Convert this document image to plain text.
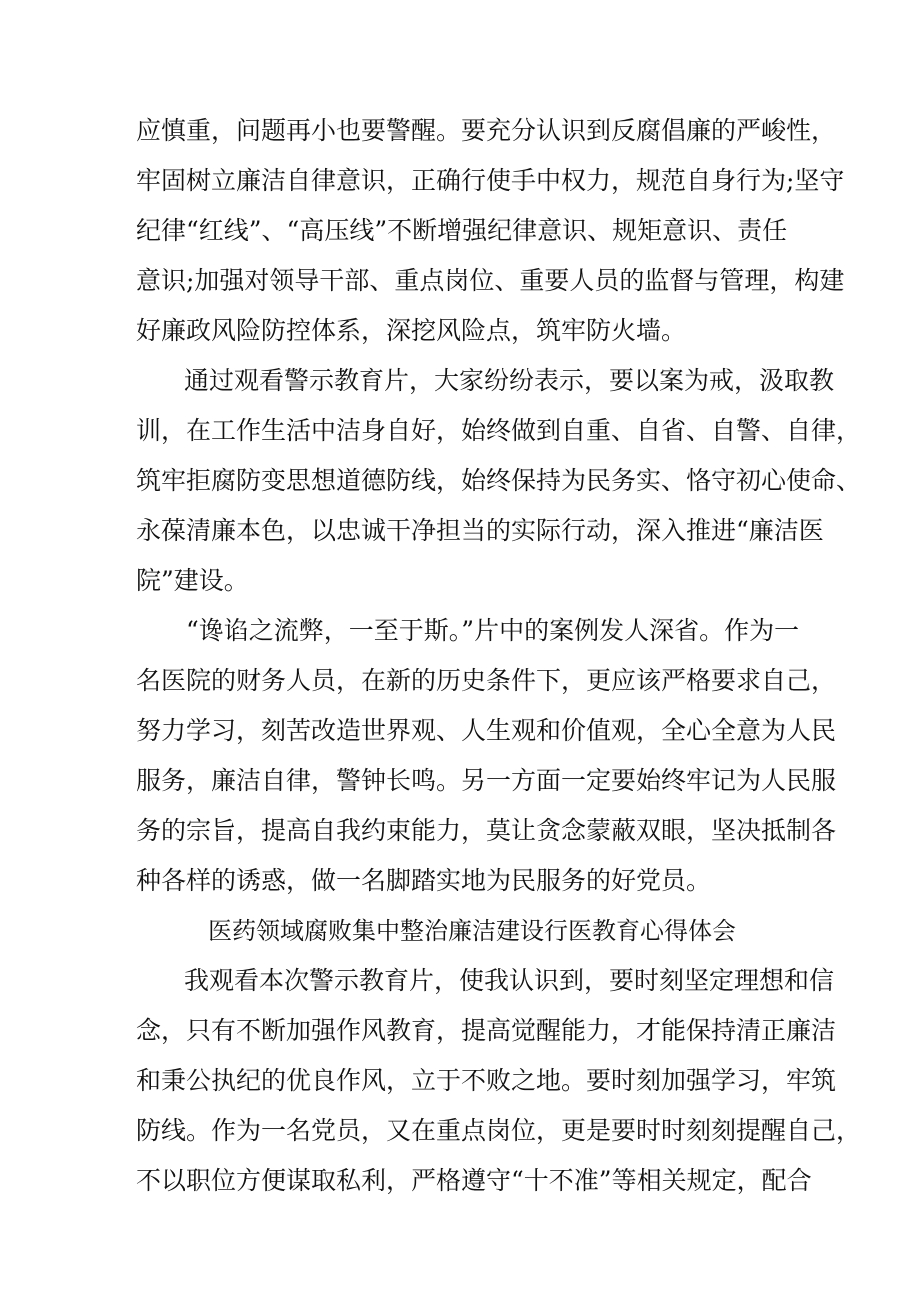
应慎重，问题再小也要警醒。要充分认识到反腐倡廉的严峻性，
牢固树立廉洁自律意识，正确行使手中权力，规范自身行为;坚守
纪律“红线”、“高压线”不断增强纪律意识、规矩意识、责任
意识;加强对领导干部、重点岗位、重要人员的监督与管理，构建
好廉政风险防控体系，深挖风险点，筑牢防火墙。
通过观看警示教育片，大家纷纷表示，要以案为戒，汲取教
训，在工作生活中洁身自好，始终做到自重、自省、自警、自律，
筑牢拒腐防变思想道德防线，始终保持为民务实、恪守初心使命、
永葆清廉本色，以忠诚干净担当的实际行动，深入推进“廉洁医
院”建设。
“谗谄之流弊，一至于斯。”片中的案例发人深省。作为一
名医院的财务人员，在新的历史条件下，更应该严格要求自己，
努力学习，刻苦改造世界观、人生观和价值观，全心全意为人民
服务，廉洁自律，警钟长鸣。另一方面一定要始终牢记为人民服
务的宗旨，提高自我约束能力，莫让贪念蒙蔽双眼，坚决抵制各
种各样的诱惑，做一名脚踏实地为民服务的好党员。
医药领域腐败集中整治廉洁建设行医教育心得体会
我观看本次警示教育片，使我认识到，要时刻坚定理想和信
念，只有不断加强作风教育，提高觉醒能力，才能保持清正廉洁
和秉公执纪的优良作风，立于不败之地。要时刻加强学习，牢筑
防线。作为一名党员，又在重点岗位，更是要时时刻刻提醒自己，
不以职位方便谋取私利，严格遵守“十不准”等相关规定，配合
